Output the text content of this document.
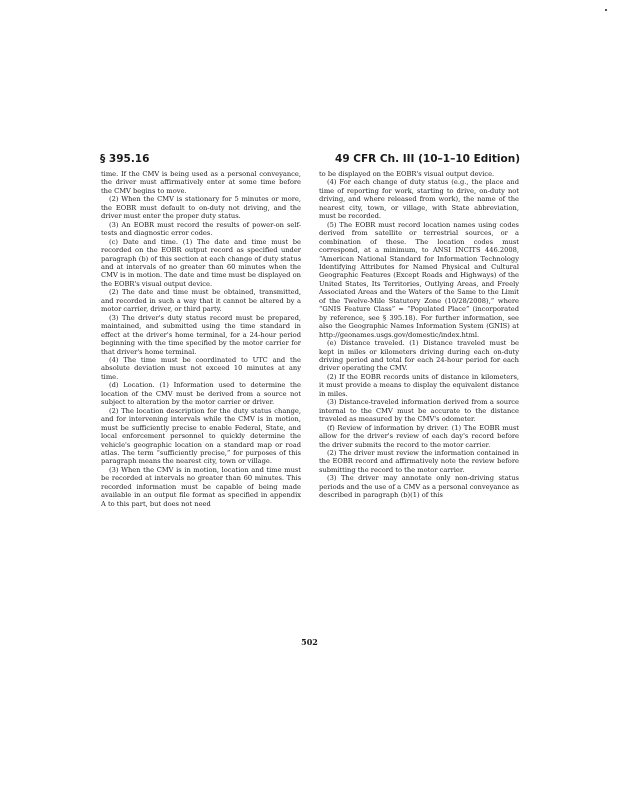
§ 395.16	49 CFR Ch. III (10–1–10 Edition)

time. If the CMV is being used as a personal conveyance, the driver must affirmatively enter at some time before the CMV begins to move.

(2) When the CMV is stationary for 5 minutes or more, the EOBR must default to on-duty not driving, and the driver must enter the proper duty status.

(3) An EOBR must record the results of power-on self-tests and diagnostic error codes.

(c) Date and time. (1) The date and time must be recorded on the EOBR output record as specified under paragraph (b) of this section at each change of duty status and at intervals of no greater than 60 minutes when the CMV is in motion. The date and time must be displayed on the EOBR's visual output device.

(2) The date and time must be obtained, transmitted, and recorded in such a way that it cannot be altered by a motor carrier, driver, or third party.

(3) The driver's duty status record must be prepared, maintained, and submitted using the time standard in effect at the driver's home terminal, for a 24-hour period beginning with the time specified by the motor carrier for that driver's home terminal.

(4) The time must be coordinated to UTC and the absolute deviation must not exceed 10 minutes at any time.

(d) Location. (1) Information used to determine the location of the CMV must be derived from a source not subject to alteration by the motor carrier or driver.

(2) The location description for the duty status change, and for intervening intervals while the CMV is in motion, must be sufficiently precise to enable Federal, State, and local enforcement personnel to quickly determine the vehicle's geographic location on a standard map or road atlas. The term “sufficiently precise,” for purposes of this paragraph means the nearest city, town or village.

(3) When the CMV is in motion, location and time must be recorded at intervals no greater than 60 minutes. This recorded information must be capable of being made available in an output file format as specified in appendix A to this part, but does not need

to be displayed on the EOBR's visual output device.

(4) For each change of duty status (e.g., the place and time of reporting for work, starting to drive, on-duty not driving, and where released from work), the name of the nearest city, town, or village, with State abbreviation, must be recorded.

(5) The EOBR must record location names using codes derived from satellite or terrestrial sources, or a combination of these. The location codes must correspond, at a minimum, to ANSI INCITS 446.2008, “American National Standard for Information Technology Identifying Attributes for Named Physical and Cultural Geographic Features (Except Roads and Highways) of the United States, Its Territories, Outlying Areas, and Freely Associated Areas and the Waters of the Same to the Limit of the Twelve-Mile Statutory Zone (10/28/2008),” where “GNIS Feature Class” = “Populated Place” (incorporated by reference, see § 395.18). For further information, see also the Geographic Names Information System (GNIS) at http://geonames.usgs.gov/domestic/index.html.

(e) Distance traveled. (1) Distance traveled must be kept in miles or kilometers driving during each on-duty driving period and total for each 24-hour period for each driver operating the CMV.

(2) If the EOBR records units of distance in kilometers, it must provide a means to display the equivalent distance in miles.

(3) Distance-traveled information derived from a source internal to the CMV must be accurate to the distance traveled as measured by the CMV's odometer.

(f) Review of information by driver. (1) The EOBR must allow for the driver's review of each day's record before the driver submits the record to the motor carrier.

(2) The driver must review the information contained in the EOBR record and affirmatively note the review before submitting the record to the motor carrier.

(3) The driver may annotate only non-driving status periods and the use of a CMV as a personal conveyance as described in paragraph (b)(1) of this

502
